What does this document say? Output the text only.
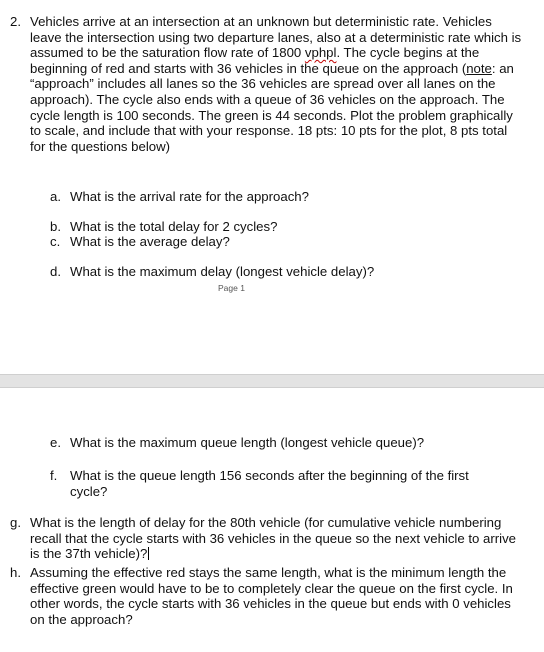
2. Vehicles arrive at an intersection at an unknown but deterministic rate. Vehicles leave the intersection using two departure lanes, also at a deterministic rate which is assumed to be the saturation flow rate of 1800 vphpl. The cycle begins at the beginning of red and starts with 36 vehicles in the queue on the approach (note: an “approach” includes all lanes so the 36 vehicles are spread over all lanes on the approach). The cycle also ends with a queue of 36 vehicles on the approach. The cycle length is 100 seconds. The green is 44 seconds. Plot the problem graphically to scale, and include that with your response. 18 pts: 10 pts for the plot, 8 pts total for the questions below)
a. What is the arrival rate for the approach?
b. What is the total delay for 2 cycles?
c. What is the average delay?
d. What is the maximum delay (longest vehicle delay)?
Page 1
e. What is the maximum queue length (longest vehicle queue)?
f. What is the queue length 156 seconds after the beginning of the first cycle?
g. What is the length of delay for the 80th vehicle (for cumulative vehicle numbering recall that the cycle starts with 36 vehicles in the queue so the next vehicle to arrive is the 37th vehicle)?
h. Assuming the effective red stays the same length, what is the minimum length the effective green would have to be to completely clear the queue on the first cycle. In other words, the cycle starts with 36 vehicles in the queue but ends with 0 vehicles on the approach?
